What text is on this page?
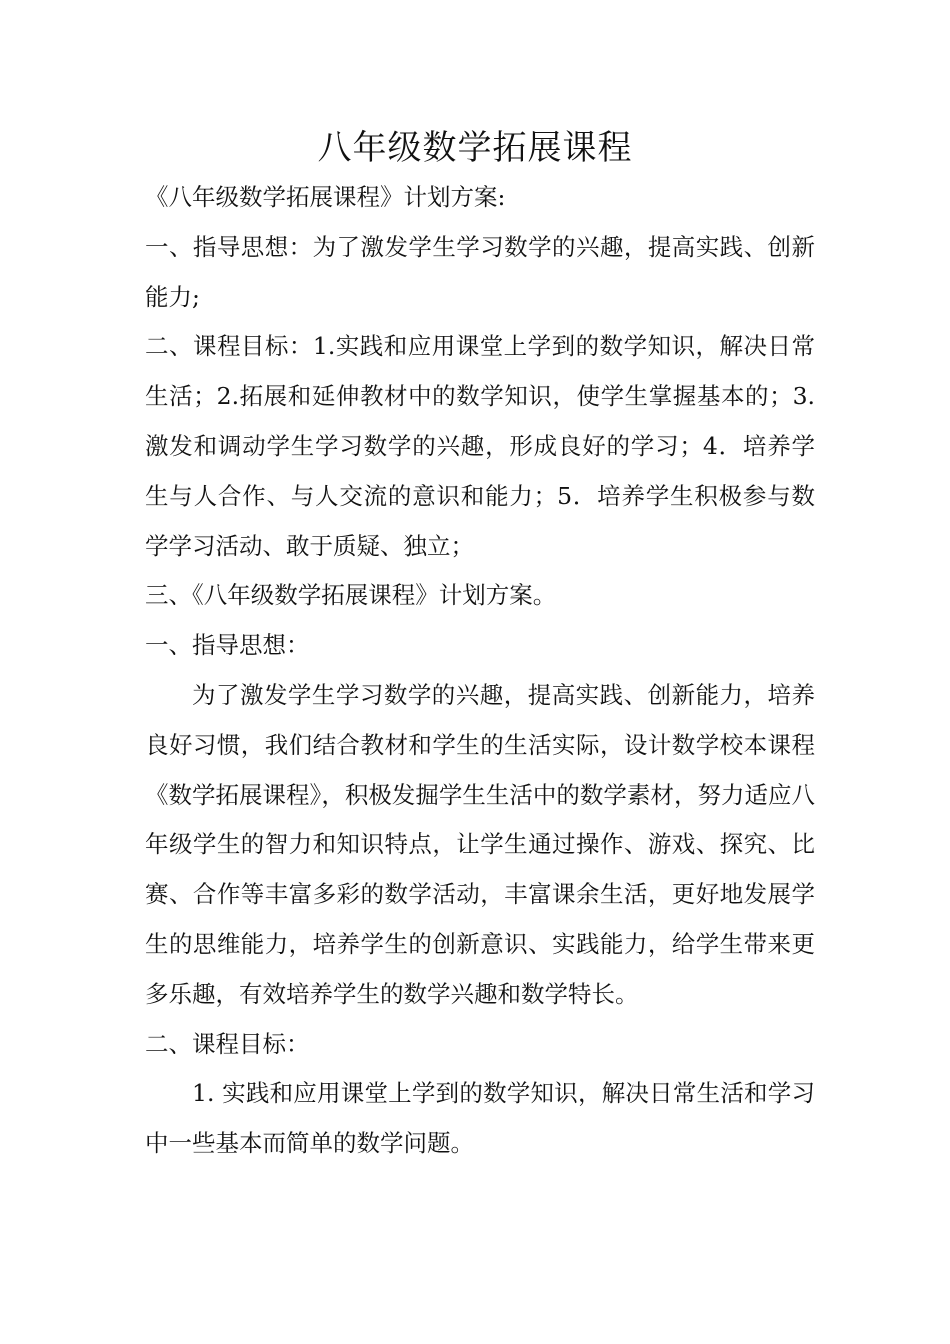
八年级数学拓展课程

《八年级数学拓展课程》计划方案:

一、指导思想：为了激发学生学习数学的兴趣，提高实践、创新能力;

二、课程目标：1.实践和应用课堂上学到的数学知识，解决日常生活；2.拓展和延伸教材中的数学知识，使学生掌握基本的；3.激发和调动学生学习数学的兴趣，形成良好的学习；4．培养学生与人合作、与人交流的意识和能力；5．培养学生积极参与数学学习活动、敢于质疑、独立；

三、《八年级数学拓展课程》计划方案。

一、指导思想：

为了激发学生学习数学的兴趣，提高实践、创新能力，培养良好习惯，我们结合教材和学生的生活实际，设计数学校本课程《数学拓展课程》，积极发掘学生生活中的数学素材，努力适应八年级学生的智力和知识特点，让学生通过操作、游戏、探究、比赛、合作等丰富多彩的数学活动，丰富课余生活，更好地发展学生的思维能力，培养学生的创新意识、实践能力，给学生带来更多乐趣，有效培养学生的数学兴趣和数学特长。

二、课程目标：

1. 实践和应用课堂上学到的数学知识，解决日常生活和学习中一些基本而简单的数学问题。
